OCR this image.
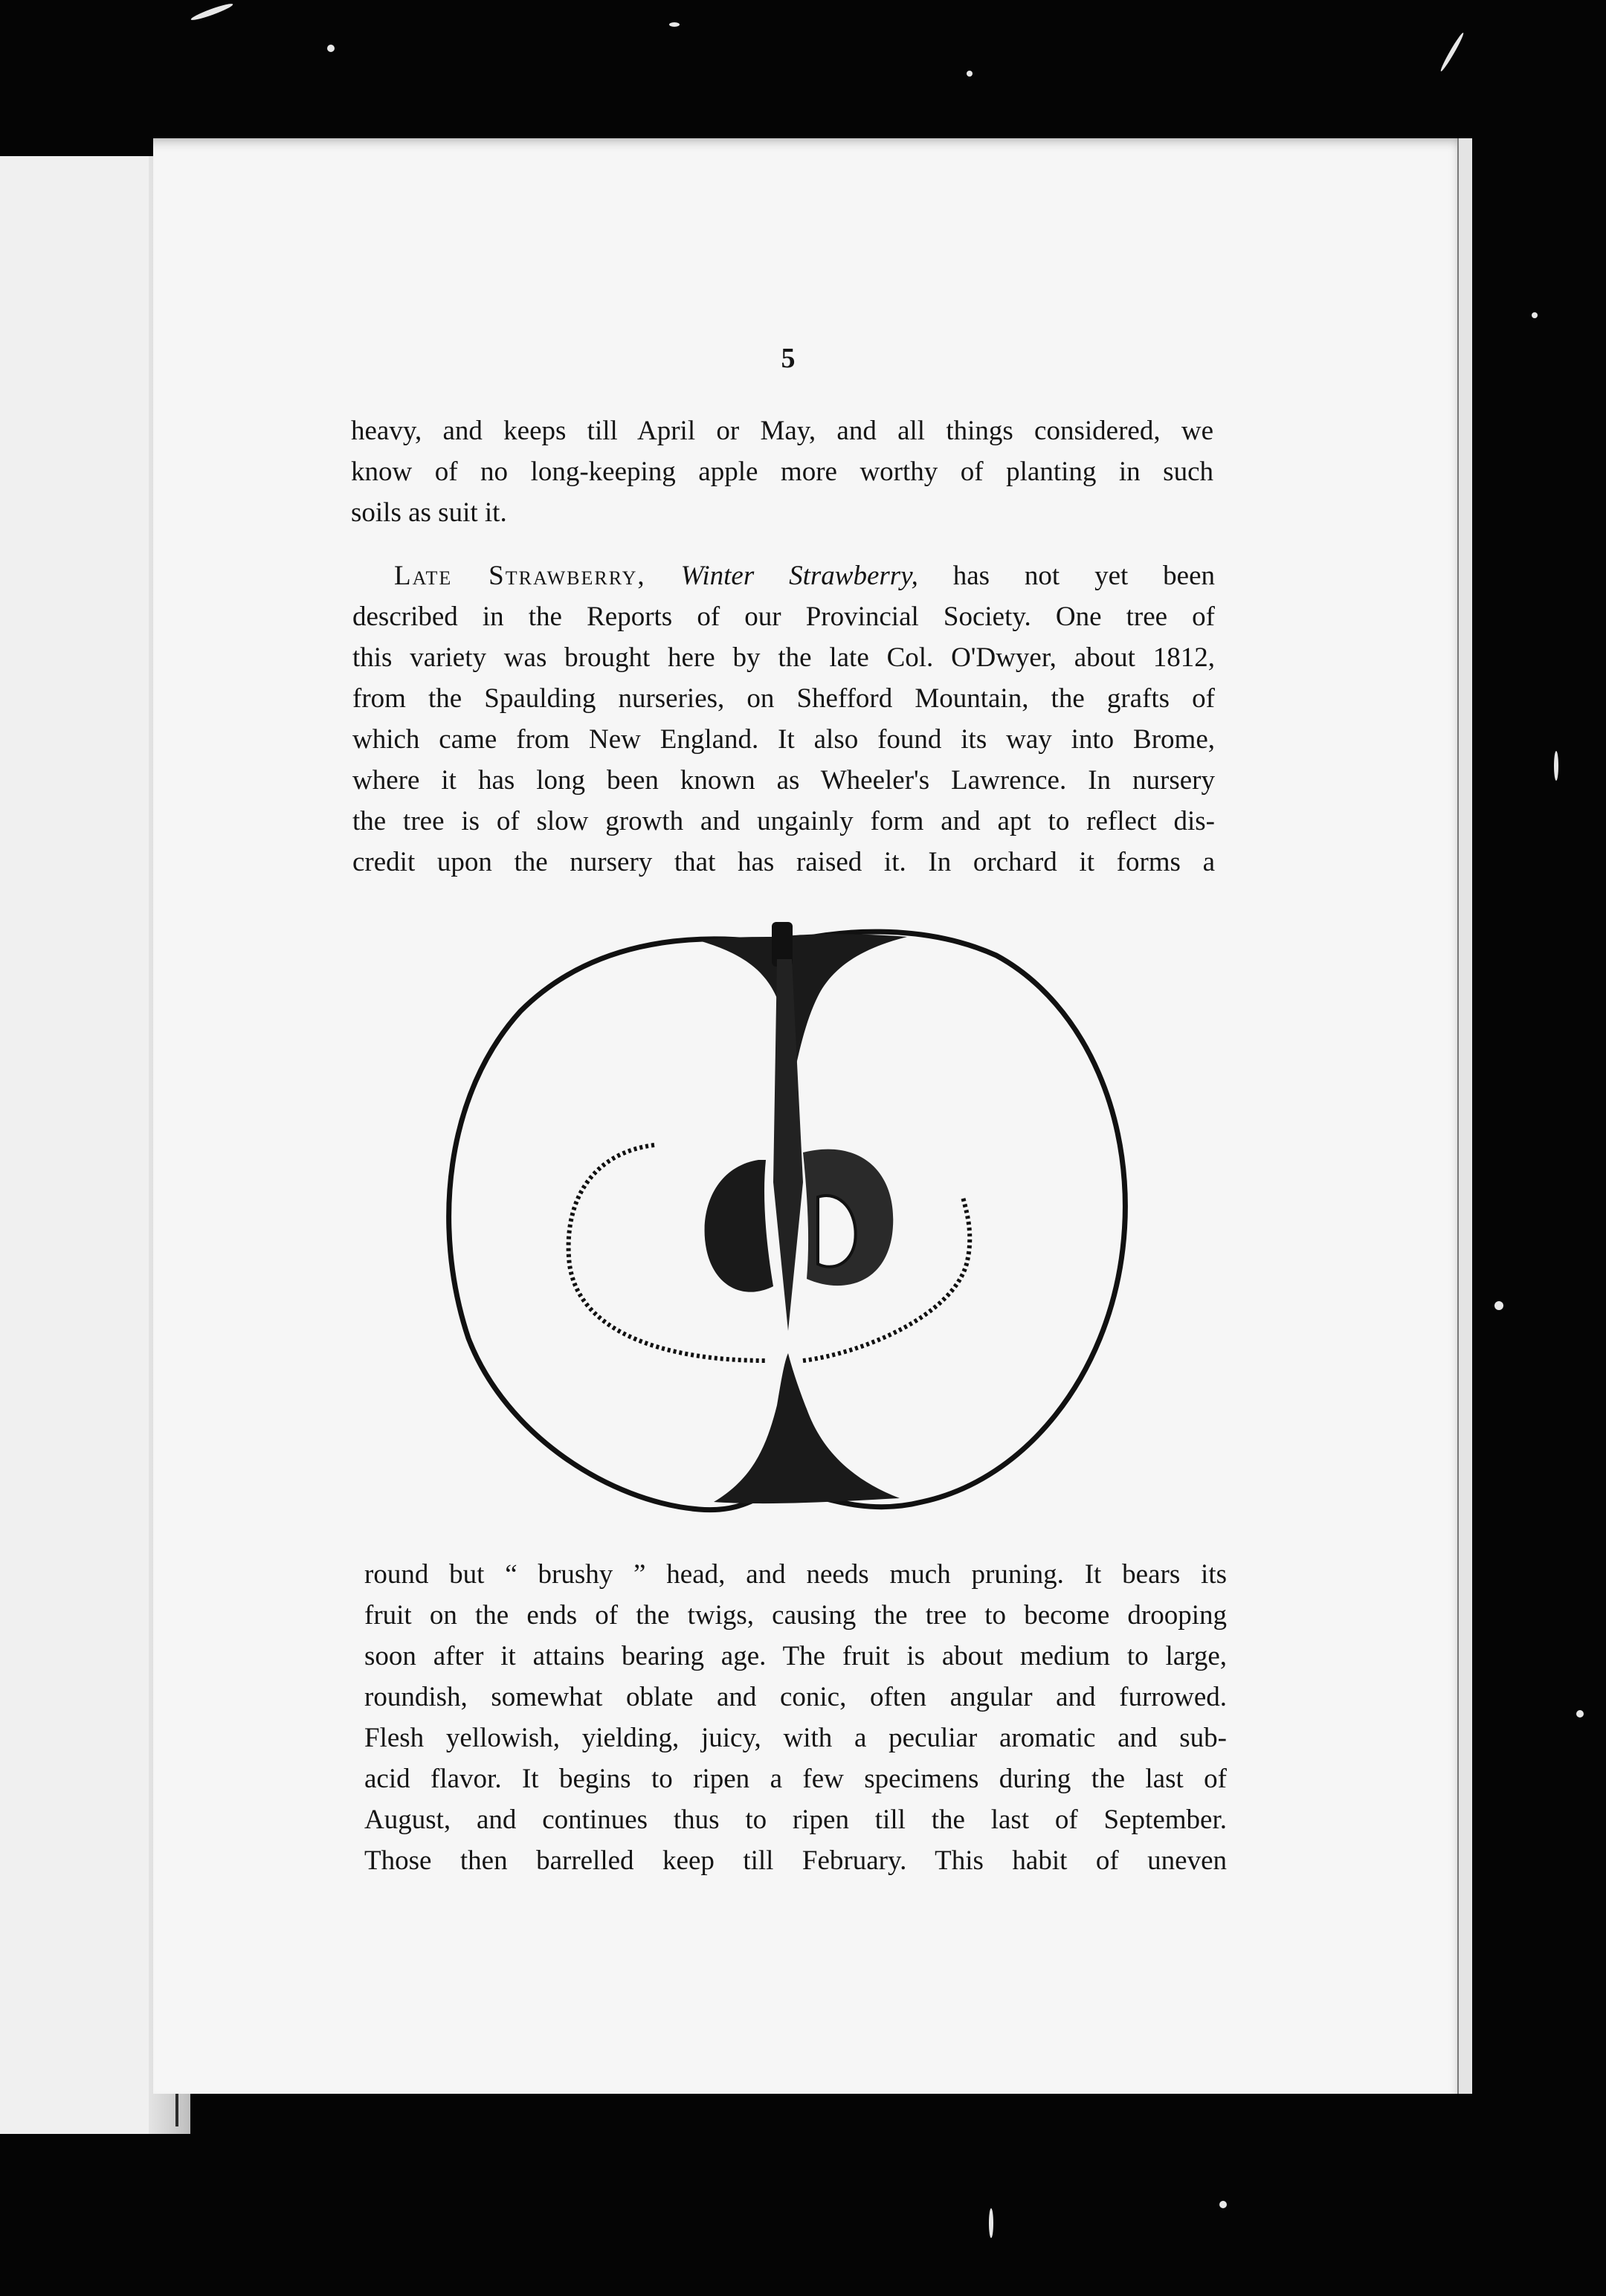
5
heavy, and keeps till April or May, and all things considered, we
know of no long-keeping apple more worthy of planting in such
soils as suit it.
Late Strawberry, Winter Strawberry, has not yet been
described in the Reports of our Provincial Society. One tree of
this variety was brought here by the late Col. O'Dwyer, about 1812,
from the Spaulding nurseries, on Shefford Mountain, the grafts of
which came from New England. It also found its way into Brome,
where it has long been known as Wheeler's Lawrence. In nursery
the tree is of slow growth and ungainly form and apt to reflect dis-
credit upon the nursery that has raised it. In orchard it forms a
round but “ brushy ” head, and needs much pruning. It bears its
fruit on the ends of the twigs, causing the tree to become drooping
soon after it attains bearing age. The fruit is about medium to large,
roundish, somewhat oblate and conic, often angular and furrowed.
Flesh yellowish, yielding, juicy, with a peculiar aromatic and sub-
acid flavor. It begins to ripen a few specimens during the last of
August, and continues thus to ripen till the last of September.
Those then barrelled keep till February. This habit of uneven
